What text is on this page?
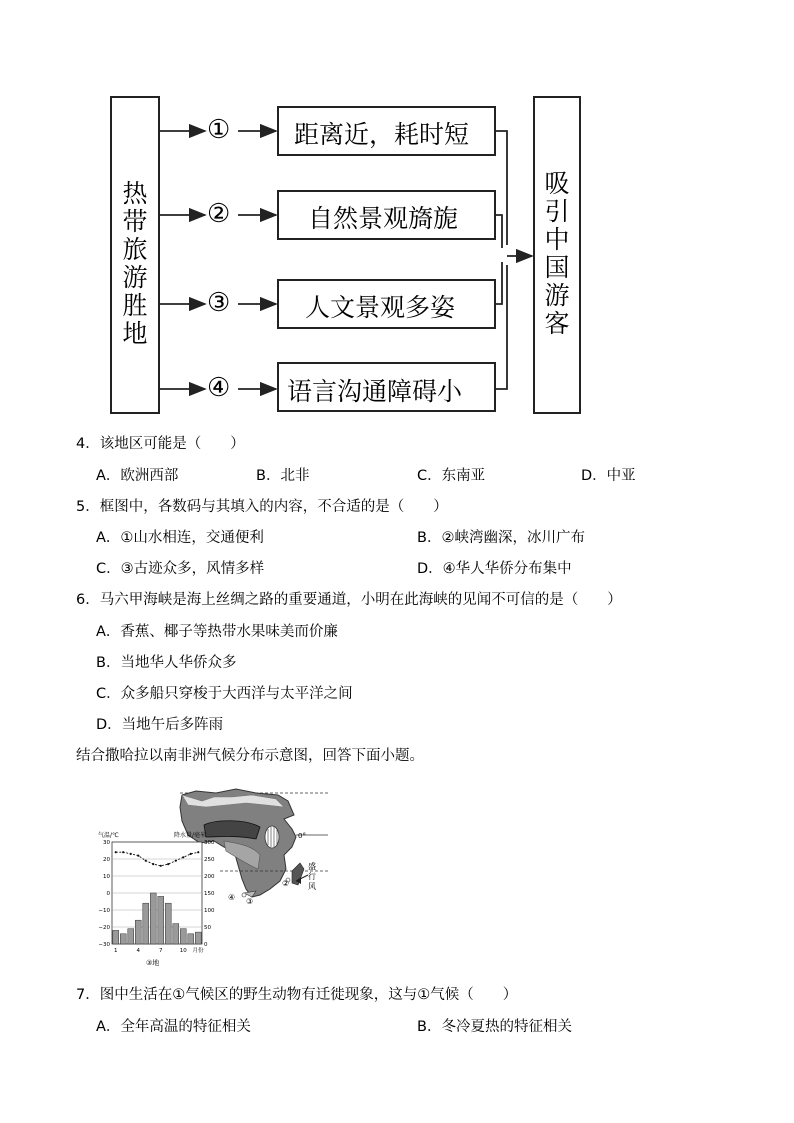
热带旅游胜地
①
②
③
④
距离近，耗时短
自然景观旖旎
人文景观多姿
语言沟通障碍小
吸引中国游客
4．该地区可能是（　　）
A．欧洲西部	B．北非	C．东南亚	D．中亚
5．框图中，各数码与其填入的内容，不合适的是（　　）
A．①山水相连，交通便利	B．②峡湾幽深，冰川广布
C．③古迹众多，风情多样	D．④华人华侨分布集中
6．马六甲海峡是海上丝绸之路的重要通道，小明在此海峡的见闻不可信的是（　　）
A．香蕉、椰子等热带水果味美而价廉
B．当地华人华侨众多
C．众多船只穿梭于大西洋与太平洋之间
D．当地午后多阵雨
结合撒哈拉以南非洲气候分布示意图，回答下面小题。
0°
②
③
④
盛
行
风
气温/℃	降水量/毫米
30
20
10
0
−10
−20
−30
300
250
200
150
100
50
0
1	4	7	10 月份
③地
7．图中生活在①气候区的野生动物有迁徙现象，这与①气候（　　）
A．全年高温的特征相关	B．冬冷夏热的特征相关
